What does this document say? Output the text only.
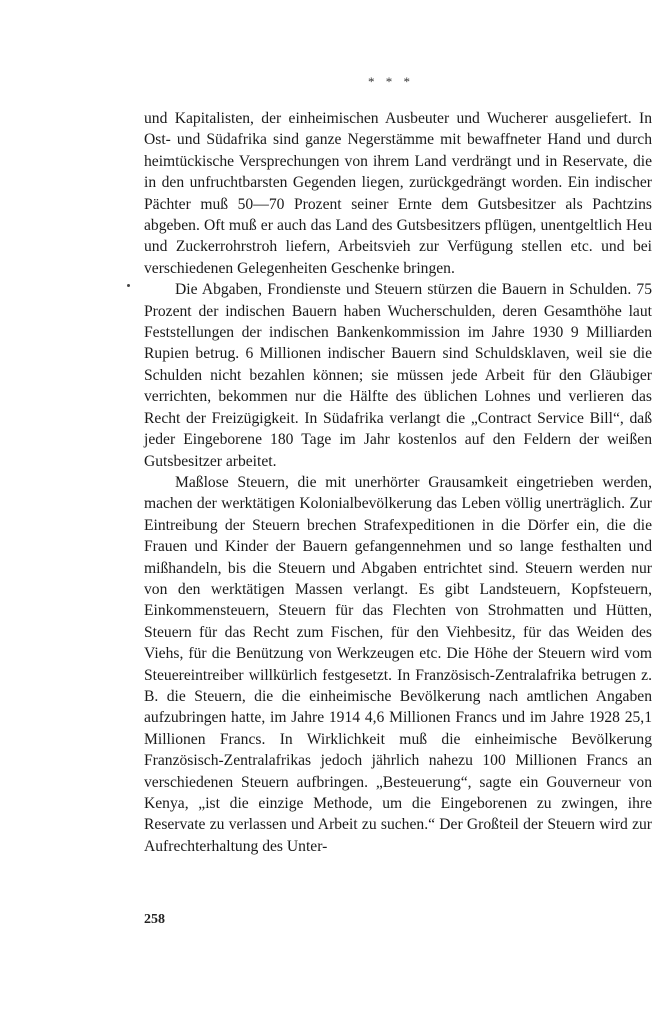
* * *

und Kapitalisten, der einheimischen Ausbeuter und Wucherer ausgeliefert. In Ost- und Südafrika sind ganze Negerstämme mit bewaffneter Hand und durch heimtückische Versprechungen von ihrem Land verdrängt und in Reservate, die in den unfruchtbarsten Gegenden liegen, zurückgedrängt worden. Ein indischer Pächter muß 50—70 Prozent seiner Ernte dem Gutsbesitzer als Pachtzins abgeben. Oft muß er auch das Land des Gutsbesitzers pflügen, unentgeltlich Heu und Zuckerrohrstroh liefern, Arbeitsvieh zur Verfügung stellen etc. und bei verschiedenen Gelegenheiten Geschenke bringen.

Die Abgaben, Frondienste und Steuern stürzen die Bauern in Schulden. 75 Prozent der indischen Bauern haben Wucherschulden, deren Gesamthöhe laut Feststellungen der indischen Bankenkommission im Jahre 1930 9 Milliarden Rupien betrug. 6 Millionen indischer Bauern sind Schuldsklaven, weil sie die Schulden nicht bezahlen können; sie müssen jede Arbeit für den Gläubiger verrichten, bekommen nur die Hälfte des üblichen Lohnes und verlieren das Recht der Freizügigkeit. In Südafrika verlangt die „Contract Service Bill“, daß jeder Eingeborene 180 Tage im Jahr kostenlos auf den Feldern der weißen Gutsbesitzer arbeitet.

Maßlose Steuern, die mit unerhörter Grausamkeit eingetrieben werden, machen der werktätigen Kolonialbevölkerung das Leben völlig unerträglich. Zur Eintreibung der Steuern brechen Strafexpeditionen in die Dörfer ein, die die Frauen und Kinder der Bauern gefangennehmen und so lange festhalten und mißhandeln, bis die Steuern und Abgaben entrichtet sind. Steuern werden nur von den werktätigen Massen verlangt. Es gibt Landsteuern, Kopfsteuern, Einkommensteuern, Steuern für das Flechten von Strohmatten und Hütten, Steuern für das Recht zum Fischen, für den Viehbesitz, für das Weiden des Viehs, für die Benützung von Werkzeugen etc. Die Höhe der Steuern wird vom Steuereintreiber willkürlich festgesetzt. In Französisch-Zentralafrika betrugen z. B. die Steuern, die die einheimische Bevölkerung nach amtlichen Angaben aufzubringen hatte, im Jahre 1914 4,6 Millionen Francs und im Jahre 1928 25,1 Millionen Francs. In Wirklichkeit muß die einheimische Bevölkerung Französisch-Zentralafrikas jedoch jährlich nahezu 100 Millionen Francs an verschiedenen Steuern aufbringen. „Besteuerung“, sagte ein Gouverneur von Kenya, „ist die einzige Methode, um die Eingeborenen zu zwingen, ihre Reservate zu verlassen und Arbeit zu suchen.“ Der Großteil der Steuern wird zur Aufrechterhaltung des Unter-

258
